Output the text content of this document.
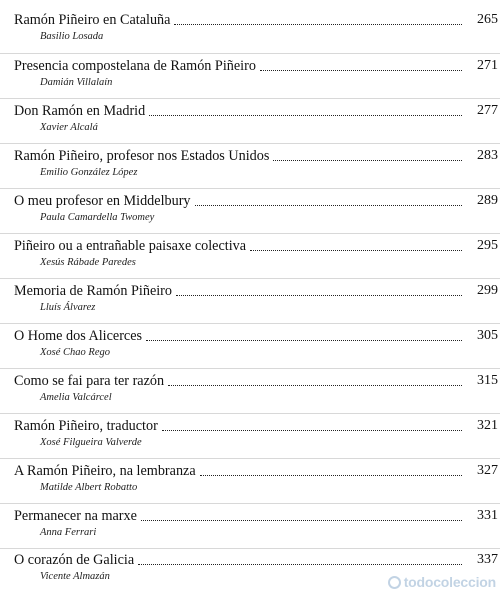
Ramón Piñeiro en Cataluña	265
Basilio Losada
Presencia compostelana de Ramón Piñeiro	271
Damián Villalaín
Don Ramón en Madrid	277
Xavier Alcalá
Ramón Piñeiro, profesor nos Estados Unidos	283
Emilio González López
O meu profesor en Middelbury	289
Paula Camardella Twomey
Piñeiro ou a entrañable paisaxe colectiva	295
Xesús Rábade Paredes
Memoria de Ramón Piñeiro	299
Lluís Álvarez
O Home dos Alicerces	305
Xosé Chao Rego
Como se fai para ter razón	315
Amelia Valcárcel
Ramón Piñeiro, traductor	321
Xosé Filgueira Valverde
A Ramón Piñeiro, na lembranza	327
Matilde Albert Robatto
Permanecer na marxe	331
Anna Ferrari
O corazón de Galicia	337
Vicente Almazán	todocoleccion
